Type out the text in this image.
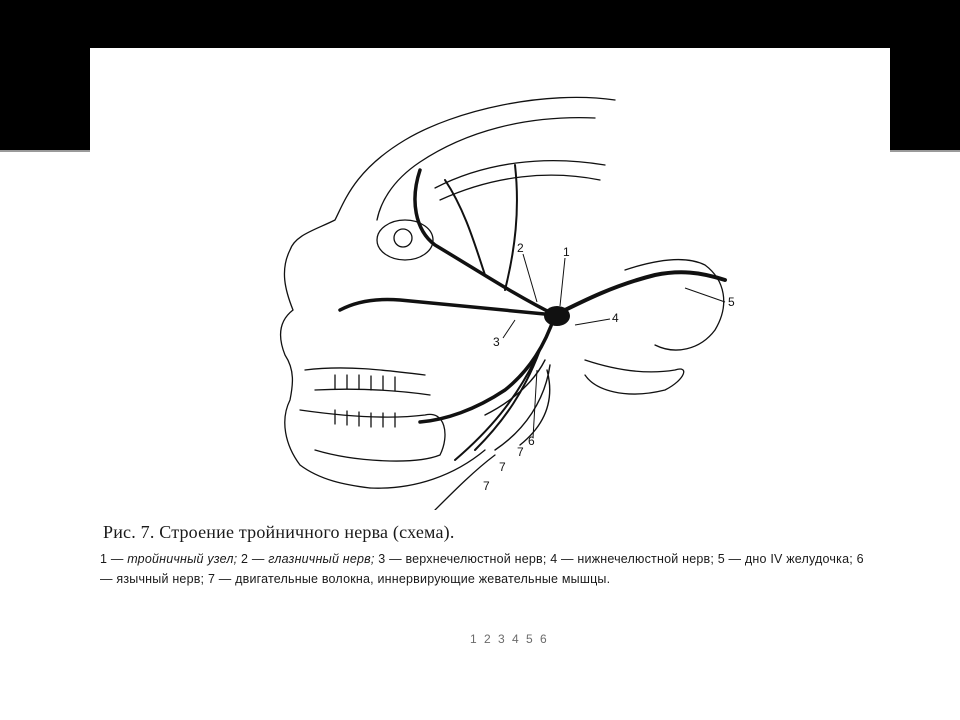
1
2
3
4
5
6
7
7
7

Рис. 7. Строение тройничного нерва (схема).

1 — тройничный узел; 2 — глазничный нерв; 3 — верхнечелюстной нерв; 4 — нижнечелюстной нерв; 5 — дно IV желудочка; 6 — язычный нерв; 7 — двигательные волокна, иннервирующие жевательные мышцы.
1 2 3 4 5 6
